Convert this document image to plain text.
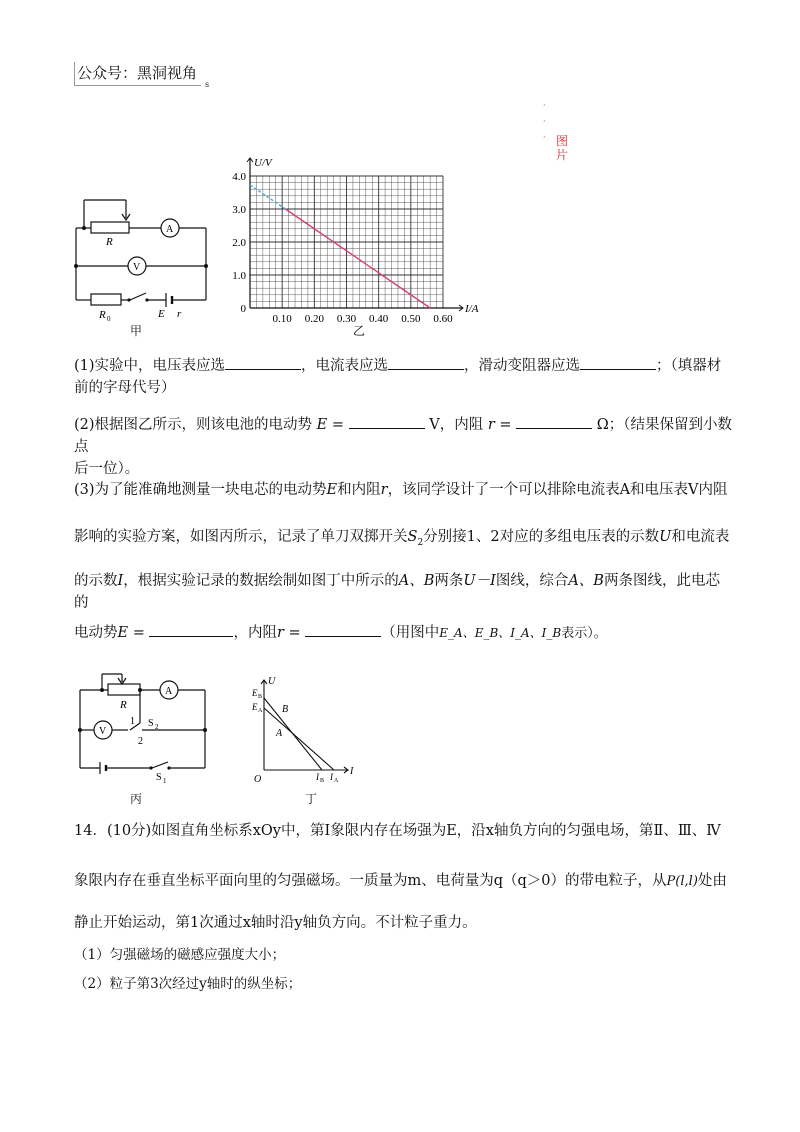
公众号：黑洞视角
s
·
·
· 图片
R
A
V
R 0	E r
甲
I/A
U/V
0.10 0.20 0.30 0.40 0.50 0.60
0
1.0
2.0
3.0
4.0
乙

(1)实验中，电压表应选	，电流表应选	，滑动变阻器应选	；（填器材
前的字母代号）

(2)根据图乙所示，则该电池的电动势 E =	V，内阻 r =	Ω；（结果保留到小数点
后一位）。

(3)为了能准确地测量一块电芯的电动势E和内阻r，该同学设计了一个可以排除电流表A和电压表V内阻

影响的实验方案，如图丙所示，记录了单刀双掷开关$S_2$分别接1、2对应的多组电压表的示数U和电流表

的示数I，根据实验记录的数据绘制如图丁中所示的A、B两条U－I图线，综合A、B两条图线，此电芯的

电动势E =	，内阻r =	（用图中E_A、E_B、I_A、I_B表示）。

R
A
V
1
2
S 2
S 1
丙
U
I
O
E B
E A B
A
I B I A
丁

14．(10分)如图直角坐标系xOy中，第Ⅰ象限内存在场强为E，沿x轴负方向的匀强电场，第Ⅱ、Ⅲ、Ⅳ

象限内存在垂直坐标平面向里的匀强磁场。一质量为m、电荷量为q（q＞0）的带电粒子，从P(l,l)处由

静止开始运动，第1次通过x轴时沿y轴负方向。不计粒子重力。

（1）匀强磁场的磁感应强度大小；

（2）粒子第3次经过y轴时的纵坐标；
